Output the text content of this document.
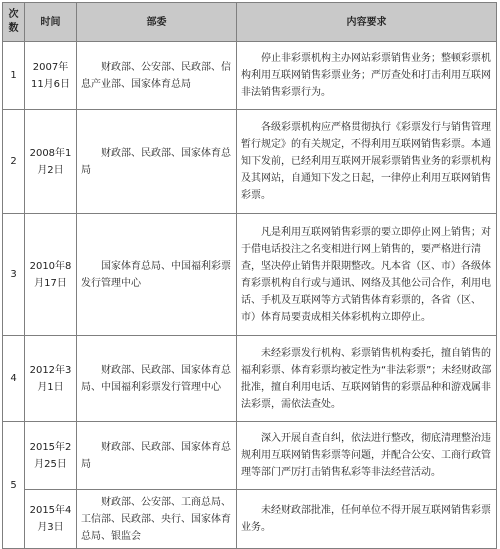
次
数	时间	部委	内容要求
1	2007年11月6日	财政部、公安部、民政部、信息产业部、国家体育总局	停止非彩票机构主办网站彩票销售业务；整顿彩票机构利用互联网销售彩票业务；严厉查处和打击利用互联网非法销售彩票行为。
2	2008年1月2日	财政部、民政部、国家体育总局	各级彩票机构应严格贯彻执行《彩票发行与销售管理暂行规定》的有关规定，不得利用互联网销售彩票。本通知下发前，已经利用互联网开展彩票销售业务的彩票机构及其网站，自通知下发之日起，一律停止利用互联网销售彩票。
3	2010年8月17日	国家体育总局、中国福利彩票发行管理中心	凡是利用互联网销售彩票的要立即停止网上销售；对于借电话投注之名变相进行网上销售的，要严格进行清查，坚决停止销售并限期整改。凡本省（区、市）各级体育彩票机构自行或与通讯、网络及其他公司合作，利用电话、手机及互联网等方式销售体育彩票的，各省（区、市）体育局要责成相关体彩机构立即停止。
4	2012年3月1日	财政部、民政部、国家体育总局、中国福利彩票发行管理中心	未经彩票发行机构、彩票销售机构委托，擅自销售的福利彩票、体育彩票均被定性为“非法彩票”；未经财政部批准，擅自利用电话、互联网销售的彩票品种和游戏属非法彩票，需依法查处。
5	2015年2月25日	财政部、民政部、国家体育总局	深入开展自查自纠，依法进行整改，彻底清理整治违规利用互联网销售彩票等问题，并配合公安、工商行政管理等部门严厉打击销售私彩等非法经营活动。
	2015年4月3日	财政部、公安部、工商总局、工信部、民政部、央行、国家体育总局、银监会	未经财政部批准，任何单位不得开展互联网销售彩票业务。
